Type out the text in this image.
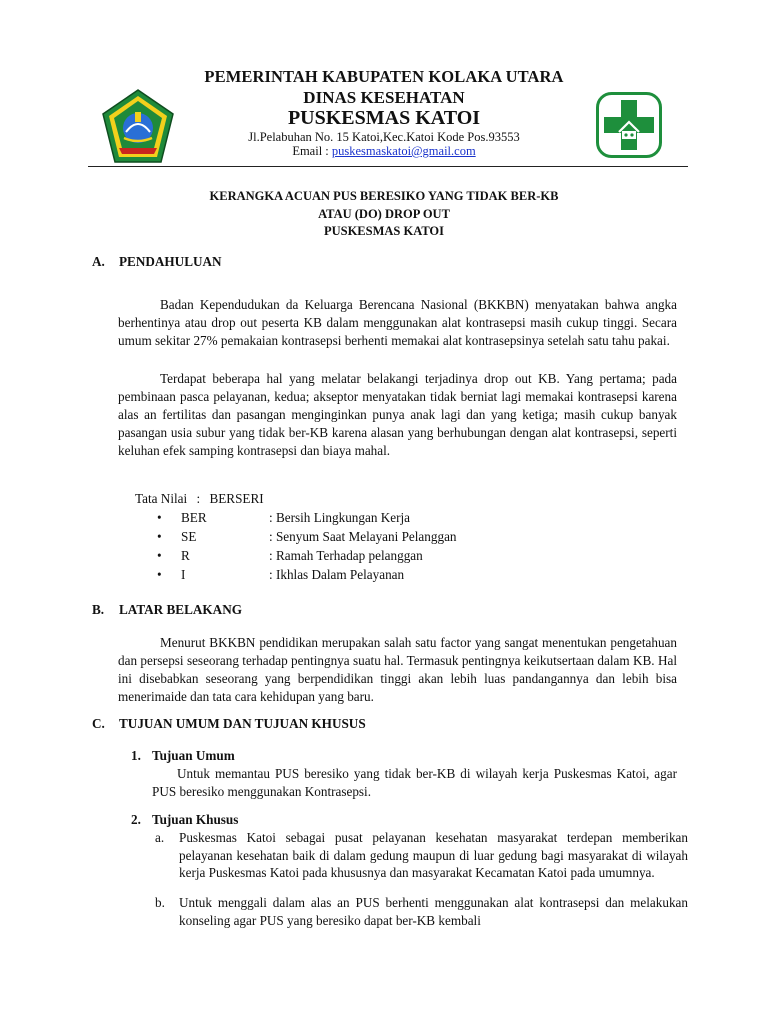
PEMERINTAH KABUPATEN KOLAKA UTARA
DINAS KESEHATAN
PUSKESMAS KATOI
Jl.Pelabuhan No. 15 Katoi,Kec.Katoi Kode Pos.93553
Email : puskesmaskatoi@gmail.com
KERANGKA ACUAN PUS BERESIKO YANG TIDAK BER-KB
ATAU (DO) DROP OUT
PUSKESMAS KATOI
A. PENDAHULUAN
Badan Kependudukan da Keluarga Berencana Nasional (BKKBN) menyatakan bahwa angka berhentinya atau drop out peserta KB dalam menggunakan alat kontrasepsi masih cukup tinggi. Secara umum sekitar 27% pemakaian kontrasepsi berhenti memakai alat kontrasepsinya setelah satu tahu pakai.
Terdapat beberapa hal yang melatar belakangi terjadinya drop out KB. Yang pertama; pada pembinaan pasca pelayanan, kedua; akseptor menyatakan tidak berniat lagi memakai kontrasepsi karena alas an fertilitas dan pasangan menginginkan punya anak lagi dan yang ketiga; masih cukup banyak pasangan usia subur yang tidak ber-KB karena alasan yang berhubungan dengan alat kontrasepsi, seperti keluhan efek samping kontrasepsi dan biaya mahal.
Tata Nilai : BERSERI
• BER	: Bersih Lingkungan Kerja
• SE	: Senyum Saat Melayani Pelanggan
• R	: Ramah Terhadap pelanggan
• I	: Ikhlas Dalam Pelayanan
B. LATAR BELAKANG
Menurut BKKBN pendidikan merupakan salah satu factor yang sangat menentukan pengetahuan dan persepsi seseorang terhadap pentingnya suatu hal. Termasuk pentingnya keikutsertaan dalam KB. Hal ini disebabkan seseorang yang berpendidikan tinggi akan lebih luas pandangannya dan lebih bisa menerimaide dan tata cara kehidupan yang baru.
C. TUJUAN UMUM DAN TUJUAN KHUSUS
1. Tujuan Umum
Untuk memantau PUS beresiko yang tidak ber-KB di wilayah kerja Puskesmas Katoi, agar PUS beresiko menggunakan Kontrasepsi.
2. Tujuan Khusus
a. Puskesmas Katoi sebagai pusat pelayanan kesehatan masyarakat terdepan memberikan pelayanan kesehatan baik di dalam gedung maupun di luar gedung bagi masyarakat di wilayah kerja Puskesmas Katoi pada khususnya dan masyarakat Kecamatan Katoi pada umumnya.
b. Untuk menggali dalam alas an PUS berhenti menggunakan alat kontrasepsi dan melakukan konseling agar PUS yang beresiko dapat ber-KB kembali
